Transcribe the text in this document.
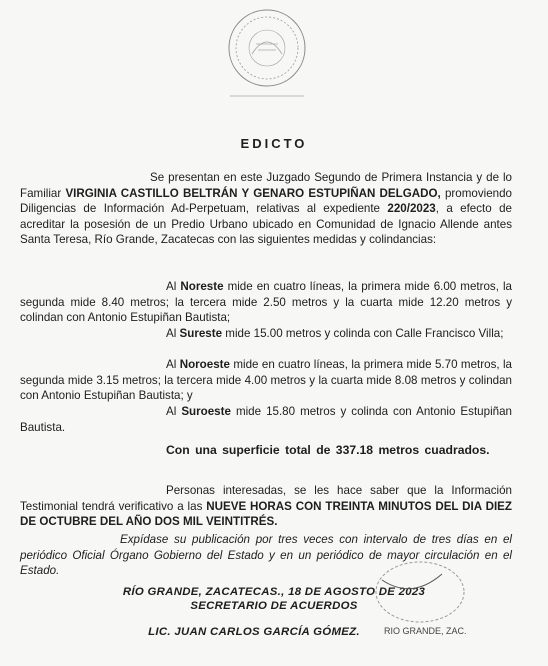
EDICTO
Se presentan en este Juzgado Segundo de Primera Instancia y de lo Familiar VIRGINIA CASTILLO BELTRÁN Y GENARO ESTUPIÑAN DELGADO, promoviendo Diligencias de Información Ad-Perpetuam, relativas al expediente 220/2023, a efecto de acreditar la posesión de un Predio Urbano ubicado en Comunidad de Ignacio Allende antes Santa Teresa, Río Grande, Zacatecas con las siguientes medidas y colindancias:
Al Noreste mide en cuatro líneas, la primera mide 6.00 metros, la segunda mide 8.40 metros; la tercera mide 2.50 metros y la cuarta mide 12.20 metros y colindan con Antonio Estupiñan Bautista;
Al Sureste mide 15.00 metros y colinda con Calle Francisco Villa;
Al Noroeste mide en cuatro líneas, la primera mide 5.70 metros, la segunda mide 3.15 metros; la tercera mide 4.00 metros y la cuarta mide 8.08 metros y colindan con Antonio Estupiñan Bautista; y
Al Suroeste mide 15.80 metros y colinda con Antonio Estupiñan Bautista.
Con una superficie total de 337.18 metros cuadrados.
Personas interesadas, se les hace saber que la Información Testimonial tendrá verificativo a las NUEVE HORAS CON TREINTA MINUTOS DEL DIA DIEZ DE OCTUBRE DEL AÑO DOS MIL VEINTITRÉS.
Expídase su publicación por tres veces con intervalo de tres días en el periódico Oficial Órgano Gobierno del Estado y en un periódico de mayor circulación en el Estado.
RÍO GRANDE, ZACATECAS., 18 DE AGOSTO DE 2023
SECRETARIO DE ACUERDOS
LIC. JUAN CARLOS GARCÍA GÓMEZ.	RIO GRANDE, ZAC.
